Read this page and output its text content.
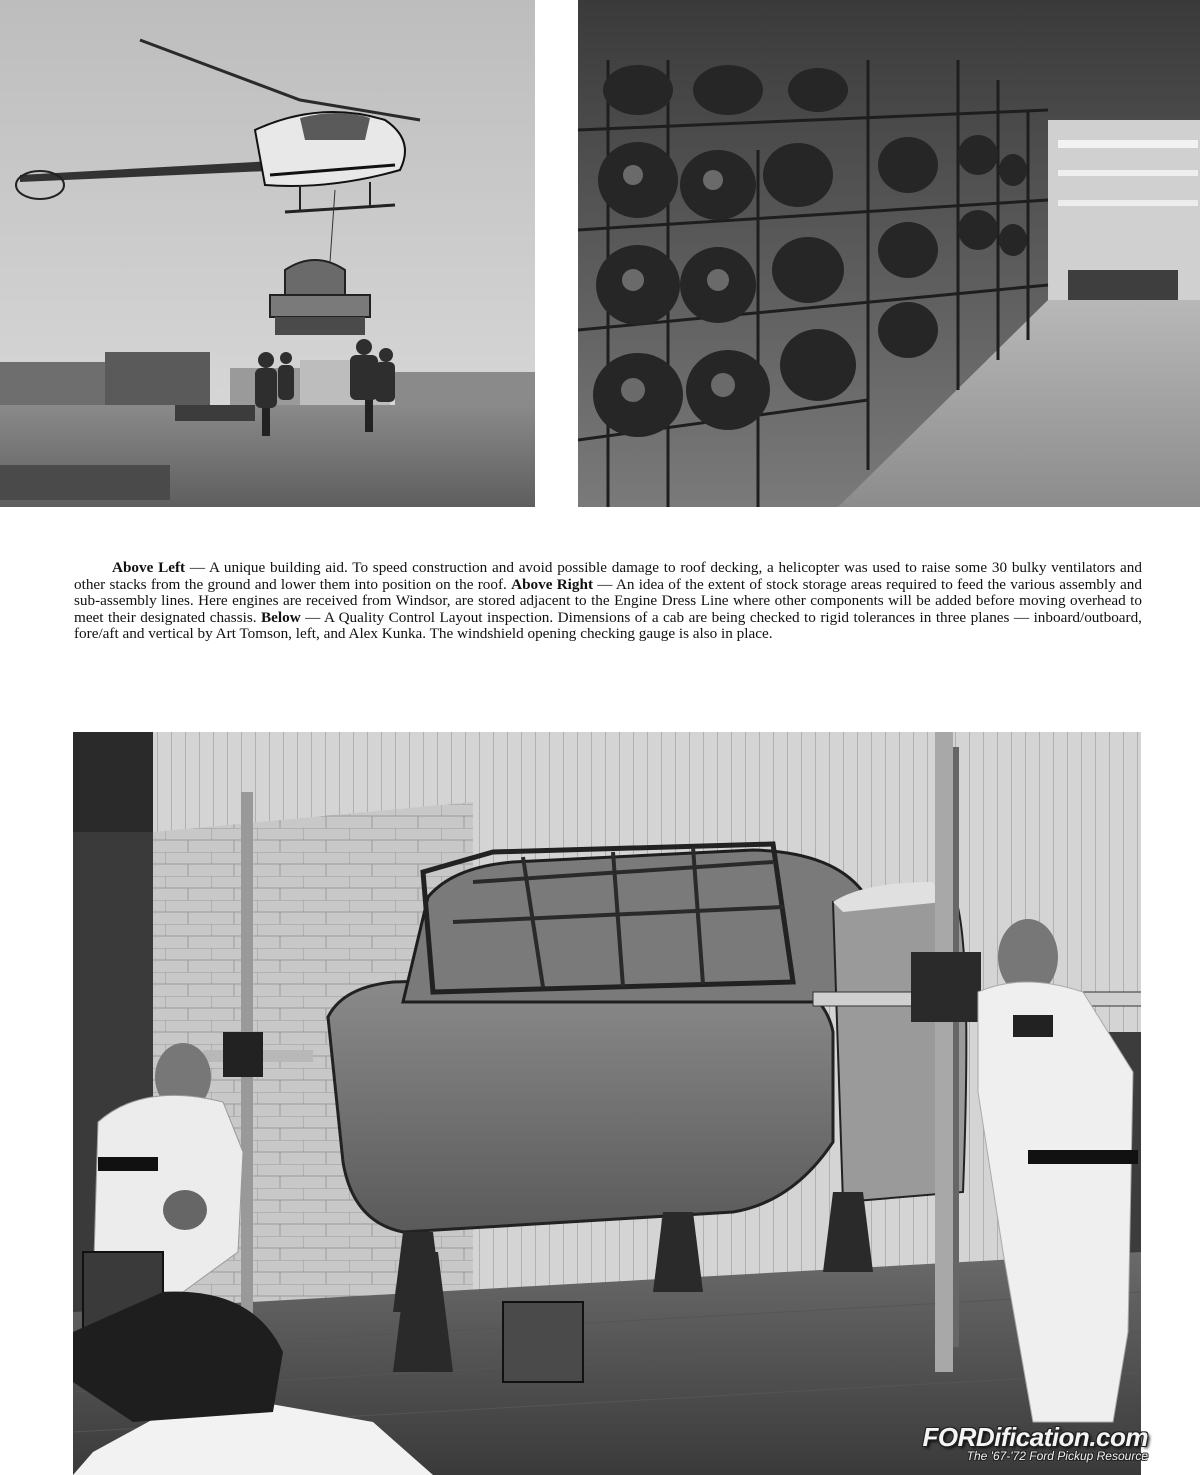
Above Left — A unique building aid. To speed construction and avoid possible damage to roof decking, a helicopter was used to raise some 30 bulky ventilators and other stacks from the ground and lower them into position on the roof. Above Right — An idea of the extent of stock storage areas required to feed the various assembly and sub-assembly lines. Here engines are received from Windsor, are stored adjacent to the Engine Dress Line where other components will be added before moving overhead to meet their designated chassis. Below — A Quality Control Layout inspection. Dimensions of a cab are being checked to rigid tolerances in three planes — inboard/outboard, fore/aft and vertical by Art Tomson, left, and Alex Kunka. The windshield opening checking gauge is also in place.

FORDification.com
The '67-'72 Ford Pickup Resource
